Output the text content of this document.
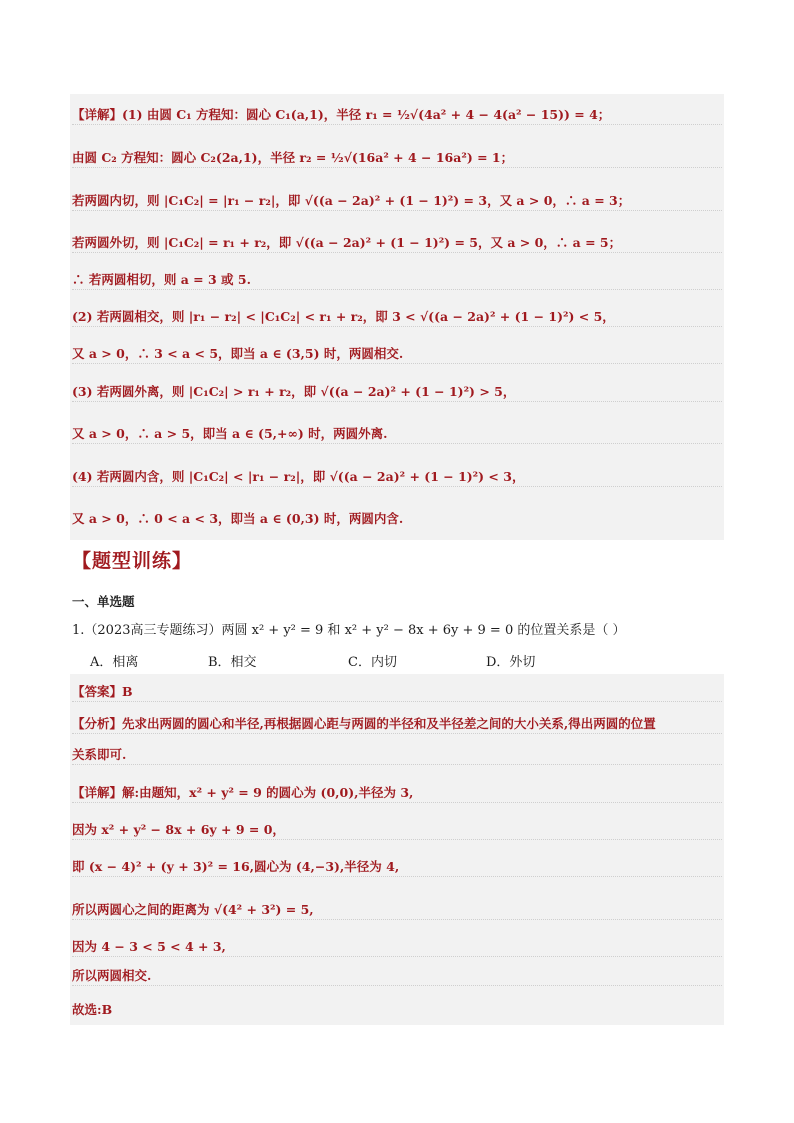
【详解】(1) 由圆 C₁ 方程知：圆心 C₁(a,1)，半径 r₁ = ½√(4a² + 4 − 4(a² − 15)) = 4；
由圆 C₂ 方程知：圆心 C₂(2a,1)，半径 r₂ = ½√(16a² + 4 − 16a²) = 1；
若两圆内切，则 |C₁C₂| = |r₁ − r₂|，即 √((a − 2a)² + (1 − 1)²) = 3，又 a > 0，∴ a = 3；
若两圆外切，则 |C₁C₂| = r₁ + r₂，即 √((a − 2a)² + (1 − 1)²) = 5，又 a > 0，∴ a = 5；
∴ 若两圆相切，则 a = 3 或 5.
(2) 若两圆相交，则 |r₁ − r₂| < |C₁C₂| < r₁ + r₂，即 3 < √((a − 2a)² + (1 − 1)²) < 5，
又 a > 0，∴ 3 < a < 5，即当 a ∈ (3,5) 时，两圆相交.
(3) 若两圆外离，则 |C₁C₂| > r₁ + r₂，即 √((a − 2a)² + (1 − 1)²) > 5，
又 a > 0，∴ a > 5，即当 a ∈ (5,+∞) 时，两圆外离.
(4) 若两圆内含，则 |C₁C₂| < |r₁ − r₂|，即 √((a − 2a)² + (1 − 1)²) < 3，
又 a > 0，∴ 0 < a < 3，即当 a ∈ (0,3) 时，两圆内含.
【题型训练】
一、单选题
1.（2023高三专题练习）两圆 x² + y² = 9 和 x² + y² − 8x + 6y + 9 = 0 的位置关系是（ ）
A．相离	B．相交	C．内切	D．外切
【答案】B
【分析】先求出两圆的圆心和半径,再根据圆心距与两圆的半径和及半径差之间的大小关系,得出两圆的位置
关系即可.
【详解】解:由题知，x² + y² = 9 的圆心为 (0,0),半径为 3,
因为 x² + y² − 8x + 6y + 9 = 0，
即 (x − 4)² + (y + 3)² = 16,圆心为 (4,−3),半径为 4,
所以两圆心之间的距离为 √(4² + 3²) = 5,
因为 4 − 3 < 5 < 4 + 3,
所以两圆相交.
故选:B
